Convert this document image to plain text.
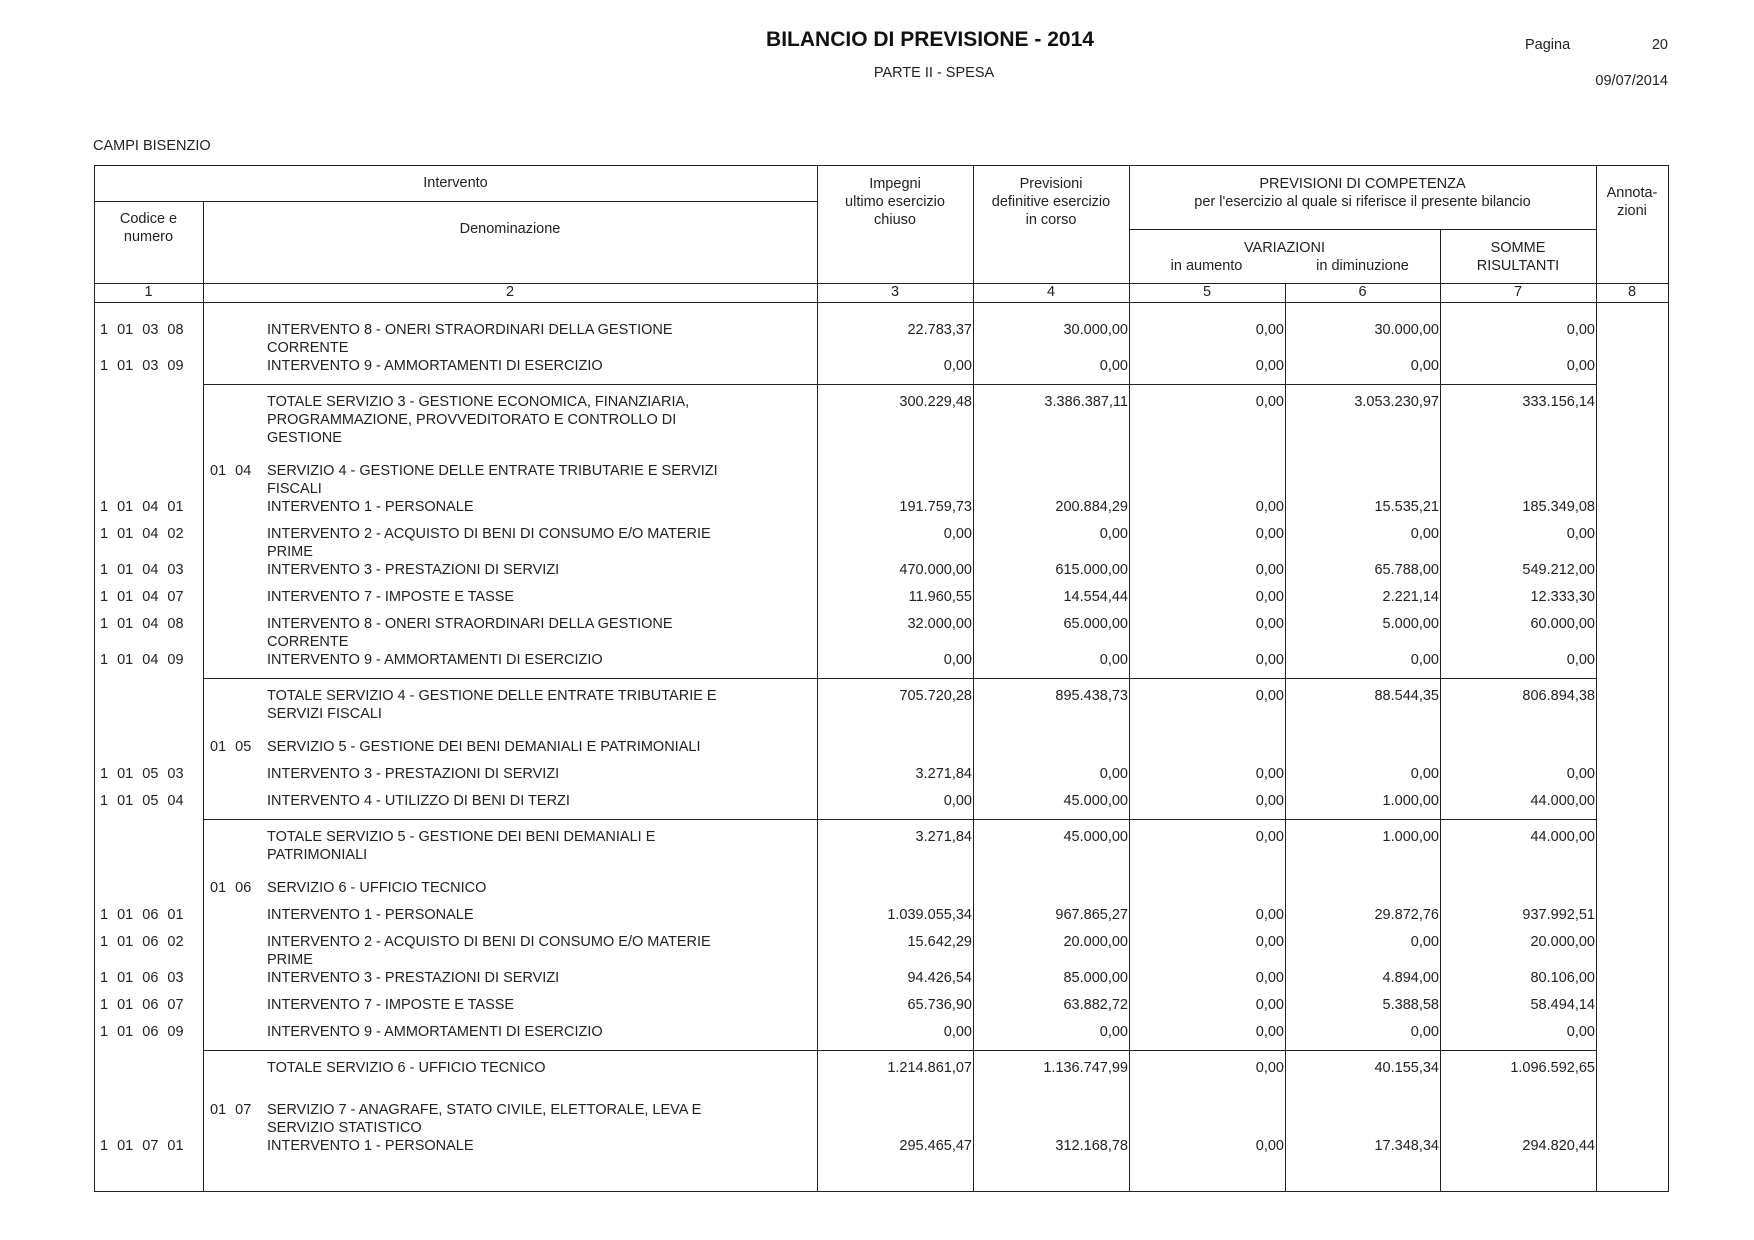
BILANCIO DI PREVISIONE - 2014
PARTE II - SPESA
Pagina	20
09/07/2014
CAMPI BISENZIO
Intervento
Codice e
numero	Denominazione
Impegni
ultimo esercizio
chiuso
Previsioni
definitive esercizio
in corso
PREVISIONI DI COMPETENZA
per l'esercizio al quale si riferisce il presente bilancio
VARIAZIONI
in aumento	in diminuzione
SOMME
RISULTANTI
Annota-
zioni
1	2	3	4	5	6	7	8
1 01 03 08	INTERVENTO 8 - ONERI STRAORDINARI DELLA GESTIONE
CORRENTE
22.783,37	30.000,00	0,00	30.000,00	0,00
1 01 03 09	INTERVENTO 9 - AMMORTAMENTI DI ESERCIZIO	0,00	0,00	0,00	0,00	0,00
TOTALE SERVIZIO 3 - GESTIONE ECONOMICA, FINANZIARIA,
PROGRAMMAZIONE, PROVVEDITORATO E CONTROLLO DI
GESTIONE
300.229,48	3.386.387,11	0,00	3.053.230,97	333.156,14
01 04	SERVIZIO 4 - GESTIONE DELLE ENTRATE TRIBUTARIE E SERVIZI
FISCALI
1 01 04 01	INTERVENTO 1 - PERSONALE	191.759,73	200.884,29	0,00	15.535,21	185.349,08
1 01 04 02	INTERVENTO 2 - ACQUISTO DI BENI DI CONSUMO E/O MATERIE
PRIME
0,00	0,00	0,00	0,00	0,00
1 01 04 03	INTERVENTO 3 - PRESTAZIONI DI SERVIZI	470.000,00	615.000,00	0,00	65.788,00	549.212,00
1 01 04 07	INTERVENTO 7 - IMPOSTE E TASSE	11.960,55	14.554,44	0,00	2.221,14	12.333,30
1 01 04 08	INTERVENTO 8 - ONERI STRAORDINARI DELLA GESTIONE
CORRENTE
32.000,00	65.000,00	0,00	5.000,00	60.000,00
1 01 04 09	INTERVENTO 9 - AMMORTAMENTI DI ESERCIZIO	0,00	0,00	0,00	0,00	0,00
TOTALE SERVIZIO 4 - GESTIONE DELLE ENTRATE TRIBUTARIE E
SERVIZI FISCALI
705.720,28	895.438,73	0,00	88.544,35	806.894,38
01 05	SERVIZIO 5 - GESTIONE DEI BENI DEMANIALI E PATRIMONIALI
1 01 05 03	INTERVENTO 3 - PRESTAZIONI DI SERVIZI	3.271,84	0,00	0,00	0,00	0,00
1 01 05 04	INTERVENTO 4 - UTILIZZO DI BENI DI TERZI	0,00	45.000,00	0,00	1.000,00	44.000,00
TOTALE SERVIZIO 5 - GESTIONE DEI BENI DEMANIALI E
PATRIMONIALI
3.271,84	45.000,00	0,00	1.000,00	44.000,00
01 06	SERVIZIO 6 - UFFICIO TECNICO
1 01 06 01	INTERVENTO 1 - PERSONALE	1.039.055,34	967.865,27	0,00	29.872,76	937.992,51
1 01 06 02	INTERVENTO 2 - ACQUISTO DI BENI DI CONSUMO E/O MATERIE
PRIME
15.642,29	20.000,00	0,00	0,00	20.000,00
1 01 06 03	INTERVENTO 3 - PRESTAZIONI DI SERVIZI	94.426,54	85.000,00	0,00	4.894,00	80.106,00
1 01 06 07	INTERVENTO 7 - IMPOSTE E TASSE	65.736,90	63.882,72	0,00	5.388,58	58.494,14
1 01 06 09	INTERVENTO 9 - AMMORTAMENTI DI ESERCIZIO	0,00	0,00	0,00	0,00	0,00
TOTALE SERVIZIO 6 - UFFICIO TECNICO	1.214.861,07	1.136.747,99	0,00	40.155,34	1.096.592,65
01 07	SERVIZIO 7 - ANAGRAFE, STATO CIVILE, ELETTORALE, LEVA E
SERVIZIO STATISTICO
1 01 07 01	INTERVENTO 1 - PERSONALE	295.465,47	312.168,78	0,00	17.348,34	294.820,44
